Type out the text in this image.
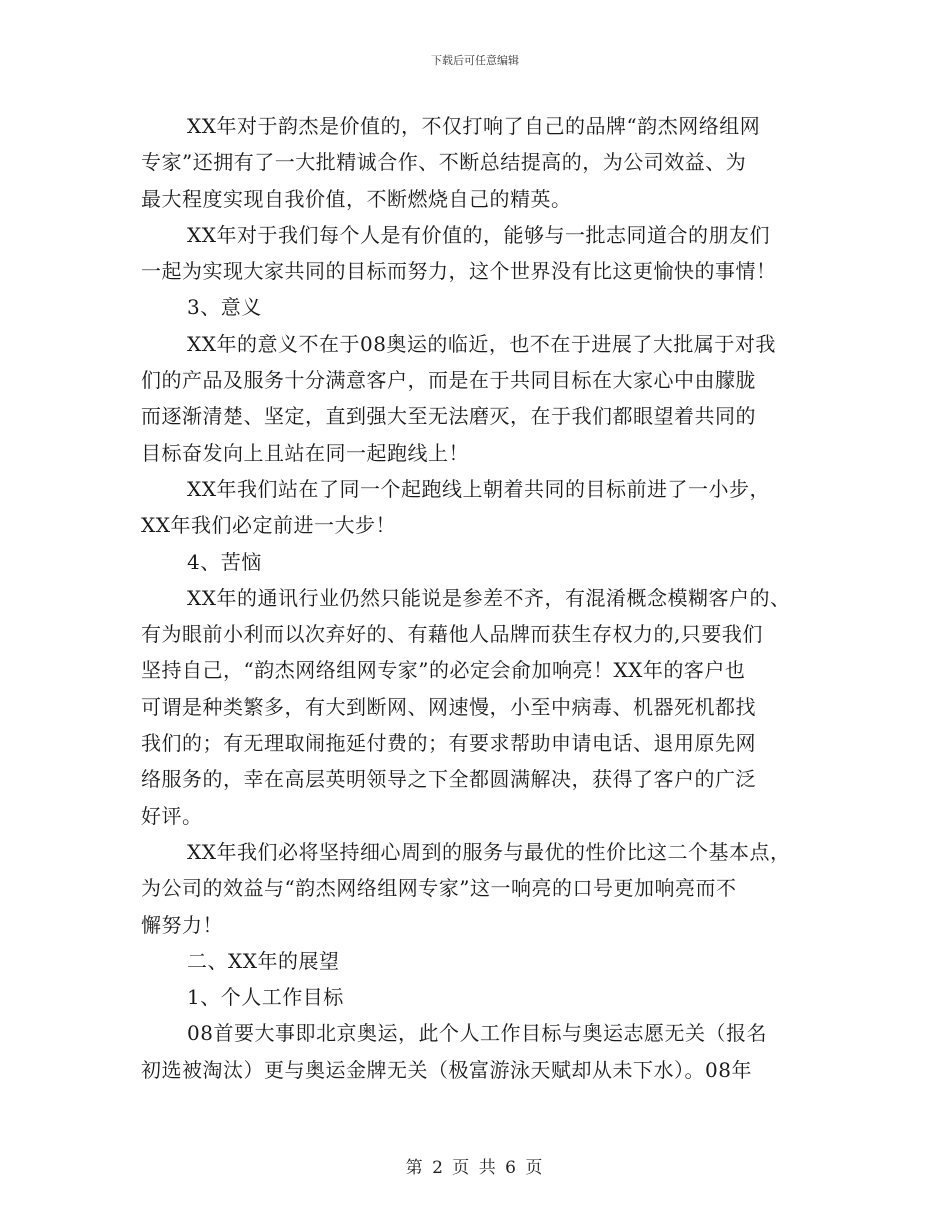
下载后可任意编辑
XX年对于韵杰是价值的，不仅打响了自己的品牌“韵杰网络组网
专家”还拥有了一大批精诚合作、不断总结提高的，为公司效益、为
最大程度实现自我价值，不断燃烧自己的精英。
XX年对于我们每个人是有价值的，能够与一批志同道合的朋友们
一起为实现大家共同的目标而努力，这个世界没有比这更愉快的事情！
3、意义
XX年的意义不在于08奥运的临近，也不在于进展了大批属于对我
们的产品及服务十分满意客户，而是在于共同目标在大家心中由朦胧
而逐渐清楚、坚定，直到强大至无法磨灭，在于我们都眼望着共同的
目标奋发向上且站在同一起跑线上！
XX年我们站在了同一个起跑线上朝着共同的目标前进了一小步，
XX年我们必定前进一大步！
4、苦恼
XX年的通讯行业仍然只能说是参差不齐，有混淆概念模糊客户的、
有为眼前小利而以次弃好的、有藉他人品牌而获生存权力的,只要我们
坚持自己，“韵杰网络组网专家”的必定会俞加响亮！XX年的客户也
可谓是种类繁多，有大到断网、网速慢，小至中病毒、机器死机都找
我们的；有无理取闹拖延付费的；有要求帮助申请电话、退用原先网
络服务的，幸在高层英明领导之下全都圆满解决，获得了客户的广泛
好评。
XX年我们必将坚持细心周到的服务与最优的性价比这二个基本点，
为公司的效益与“韵杰网络组网专家”这一响亮的口号更加响亮而不
懈努力！
二、XX年的展望
1、个人工作目标
08首要大事即北京奥运，此个人工作目标与奥运志愿无关（报名
初选被淘汰）更与奥运金牌无关（极富游泳天赋却从未下水）。08年
第 2 页 共 6 页
